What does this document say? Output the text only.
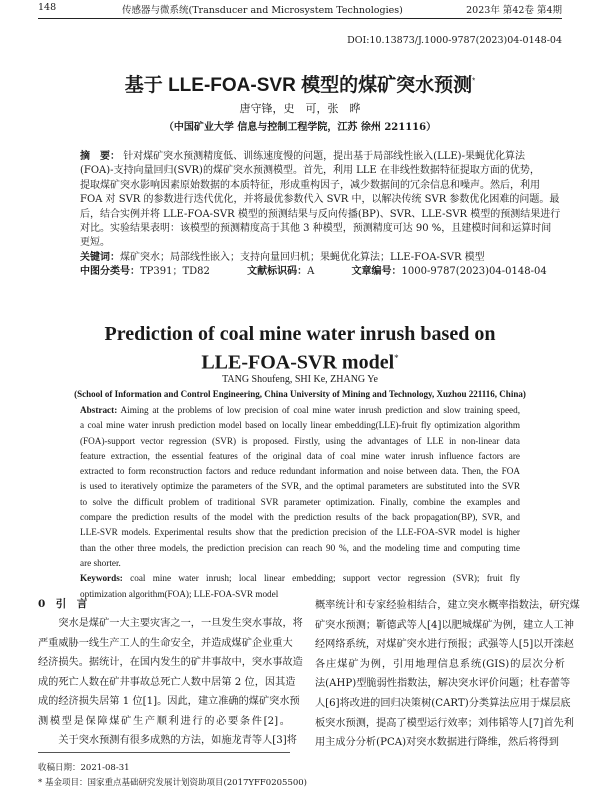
148	传感器与微系统(Transducer and Microsystem Technologies)	2023年 第42卷 第4期
DOI:10.13873/J.1000-9787(2023)04-0148-04
基于 LLE-FOA-SVR 模型的煤矿突水预测*
唐守锋，史　可，张　晔
（中国矿业大学 信息与控制工程学院，江苏 徐州 221116）
摘　要： 针对煤矿突水预测精度低、训练速度慢的问题，提出基于局部线性嵌入(LLE)-果蝇优化算法
(FOA)-支持向量回归(SVR)的煤矿突水预测模型。首先，利用 LLE 在非线性数据特征提取方面的优势，
提取煤矿突水影响因素原始数据的本质特征，形成重构因子，减少数据间的冗余信息和噪声。然后，利用
FOA 对 SVR 的参数进行迭代优化，并将最优参数代入 SVR 中，以解决传统 SVR 参数优化困难的问题。最
后，结合实例并将 LLE-FOA-SVR 模型的预测结果与反向传播(BP)、SVR、LLE-SVR 模型的预测结果进行
对比。实验结果表明：该模型的预测精度高于其他 3 种模型，预测精度可达 90 %，且建模时间和运算时间
更短。
关键词：煤矿突水；局部线性嵌入；支持向量回归机；果蝇优化算法；LLE-FOA-SVR 模型
中图分类号：TP391；TD82	文献标识码：A	文章编号：1000-9787(2023)04-0148-04
Prediction of coal mine water inrush based on
LLE-FOA-SVR model*
TANG Shoufeng, SHI Ke, ZHANG Ye
(School of Information and Control Engineering, China University of Mining and Technology, Xuzhou 221116, China)
Abstract: Aiming at the problems of low precision of coal mine water inrush prediction and slow training speed,
a coal mine water inrush prediction model based on locally linear embedding(LLE)-fruit fly optimization algorithm
(FOA)-support vector regression (SVR) is proposed. Firstly, using the advantages of LLE in non-linear data
feature extraction, the essential features of the original data of coal mine water inrush influence factors are
extracted to form reconstruction factors and reduce redundant information and noise between data. Then, the FOA
is used to iteratively optimize the parameters of the SVR, and the optimal parameters are substituted into the SVR
to solve the difficult problem of traditional SVR parameter optimization. Finally, combine the examples and
compare the prediction results of the model with the prediction results of the back propagation(BP), SVR, and
LLE-SVR models. Experimental results show that the prediction precision of the LLE-FOA-SVR model is higher
than the other three models, the prediction precision can reach 90 %, and the modeling time and computing time
are shorter.
Keywords: coal mine water inrush; local linear embedding; support vector regression (SVR); fruit fly
optimization algorithm(FOA); LLE-FOA-SVR model
0　引　言
　　突水是煤矿一大主要灾害之一，一旦发生突水事故，将
严重威胁一线生产工人的生命安全，并造成煤矿企业重大
经济损失。据统计，在国内发生的矿井事故中，突水事故造
成的死亡人数在矿井事故总死亡人数中居第 2 位，因其造
成的经济损失居第 1 位[1]。因此，建立准确的煤矿突水预
测模型是保障煤矿生产顺利进行的必要条件[2]。
　　关于突水预测有很多成熟的方法，如施龙青等人[3]将
概率统计和专家经验相结合，建立突水概率指数法，研究煤
矿突水预测；靳德武等人[4]以肥城煤矿为例，建立人工神
经网络系统，对煤矿突水进行预报；武强等人[5]以开滦赵
各庄煤矿为例，引用地理信息系统(GIS)的层次分析
法(AHP)型脆弱性指数法，解决突水评价问题；杜春蕾等
人[6]将改进的回归决策树(CART)分类算法应用于煤层底
板突水预测，提高了模型运行效率；刘伟韬等人[7]首先利
用主成分分析(PCA)对突水数据进行降维，然后将得到
收稿日期：2021-08-31
* 基金项目：国家重点基础研究发展计划资助项目(2017YFF0205500)
